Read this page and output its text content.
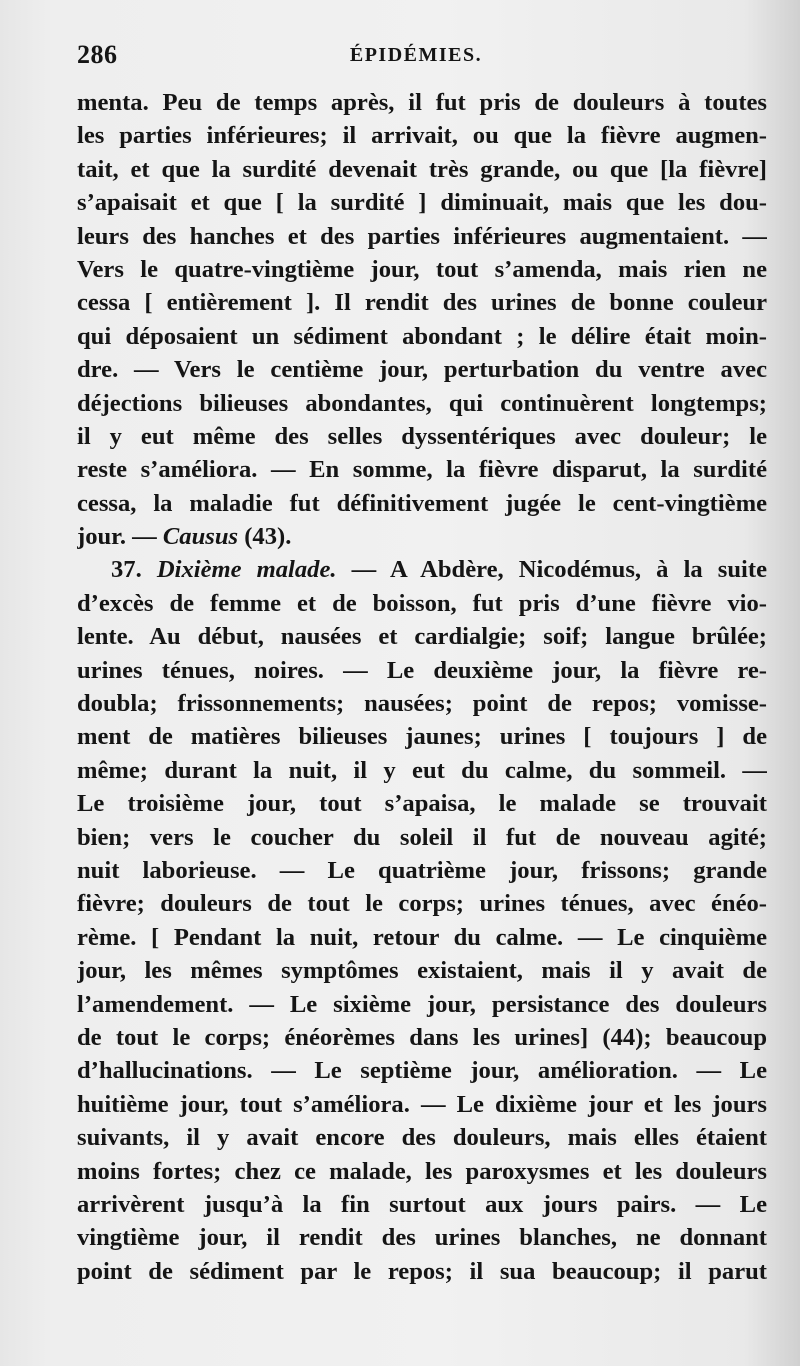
286	ÉPIDÉMIES.
menta. Peu de temps après, il fut pris de douleurs à toutes
les parties inférieures; il arrivait, ou que la fièvre augmen-
tait, et que la surdité devenait très grande, ou que [la fièvre]
s’apaisait et que [ la surdité ] diminuait, mais que les dou-
leurs des hanches et des parties inférieures augmentaient. —
Vers le quatre-vingtième jour, tout s’amenda, mais rien ne
cessa [ entièrement ]. Il rendit des urines de bonne couleur
qui déposaient un sédiment abondant ; le délire était moin-
dre. — Vers le centième jour, perturbation du ventre avec
déjections bilieuses abondantes, qui continuèrent longtemps;
il y eut même des selles dyssentériques avec douleur; le
reste s’améliora. — En somme, la fièvre disparut, la surdité
cessa, la maladie fut définitivement jugée le cent-vingtième
jour. — Causus (43).
37. Dixième malade. — A Abdère, Nicodémus, à la suite
d’excès de femme et de boisson, fut pris d’une fièvre vio-
lente. Au début, nausées et cardialgie; soif; langue brûlée;
urines ténues, noires. — Le deuxième jour, la fièvre re-
doubla; frissonnements; nausées; point de repos; vomisse-
ment de matières bilieuses jaunes; urines [ toujours ] de
même; durant la nuit, il y eut du calme, du sommeil. —
Le troisième jour, tout s’apaisa, le malade se trouvait
bien; vers le coucher du soleil il fut de nouveau agité;
nuit laborieuse. — Le quatrième jour, frissons; grande
fièvre; douleurs de tout le corps; urines ténues, avec énéo-
rème. [ Pendant la nuit, retour du calme. — Le cinquième
jour, les mêmes symptômes existaient, mais il y avait de
l’amendement. — Le sixième jour, persistance des douleurs
de tout le corps; énéorèmes dans les urines] (44); beaucoup
d’hallucinations. — Le septième jour, amélioration. — Le
huitième jour, tout s’améliora. — Le dixième jour et les jours
suivants, il y avait encore des douleurs, mais elles étaient
moins fortes; chez ce malade, les paroxysmes et les douleurs
arrivèrent jusqu’à la fin surtout aux jours pairs. — Le
vingtième jour, il rendit des urines blanches, ne donnant
point de sédiment par le repos; il sua beaucoup; il parut
